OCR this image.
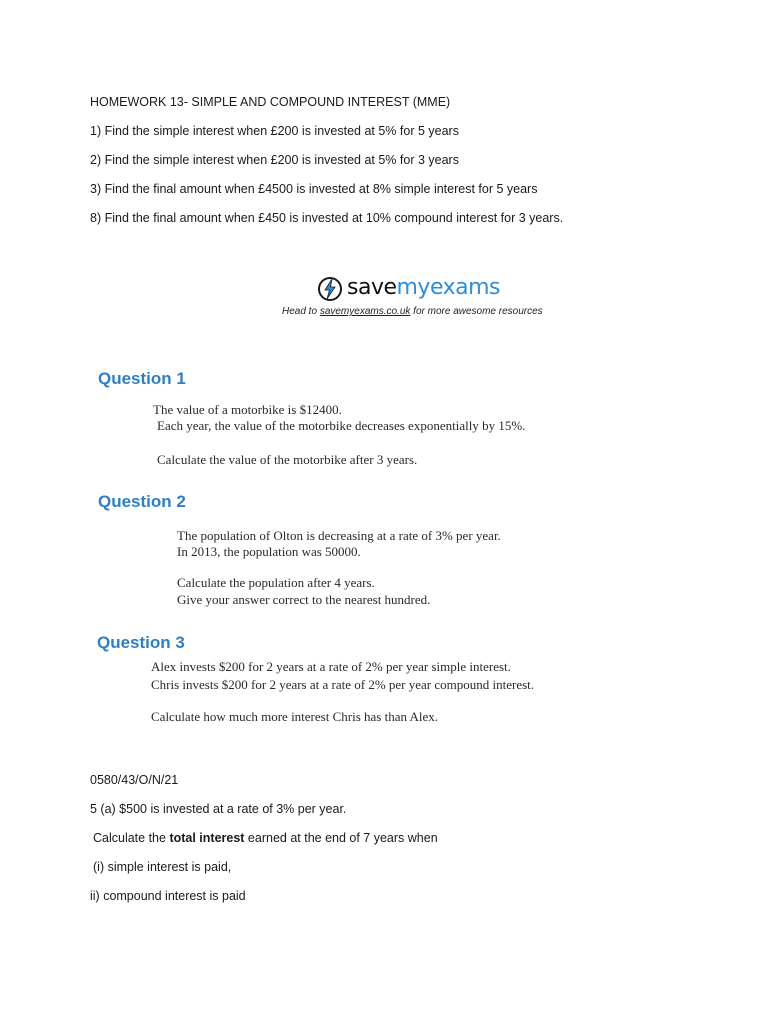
HOMEWORK 13- SIMPLE AND COMPOUND INTEREST (MME)
1) Find the simple interest when £200 is invested at 5% for 5 years
2) Find the simple interest when £200 is invested at 5% for 3 years
3) Find the final amount when £4500 is invested at 8% simple interest for 5 years
8) Find the final amount when £450 is invested at 10% compound interest for 3 years.
savemyexams
Head to savemyexams.co.uk for more awesome resources
Question 1
The value of a motorbike is $12400.
Each year, the value of the motorbike decreases exponentially by 15%.
Calculate the value of the motorbike after 3 years.
Question 2
The population of Olton is decreasing at a rate of 3% per year.
In 2013, the population was 50000.
Calculate the population after 4 years.
Give your answer correct to the nearest hundred.
Question 3
Alex invests $200 for 2 years at a rate of 2% per year simple interest.
Chris invests $200 for 2 years at a rate of 2% per year compound interest.
Calculate how much more interest Chris has than Alex.
0580/43/O/N/21
5 (a) $500 is invested at a rate of 3% per year.
Calculate the total interest earned at the end of 7 years when
(i) simple interest is paid,
ii) compound interest is paid
